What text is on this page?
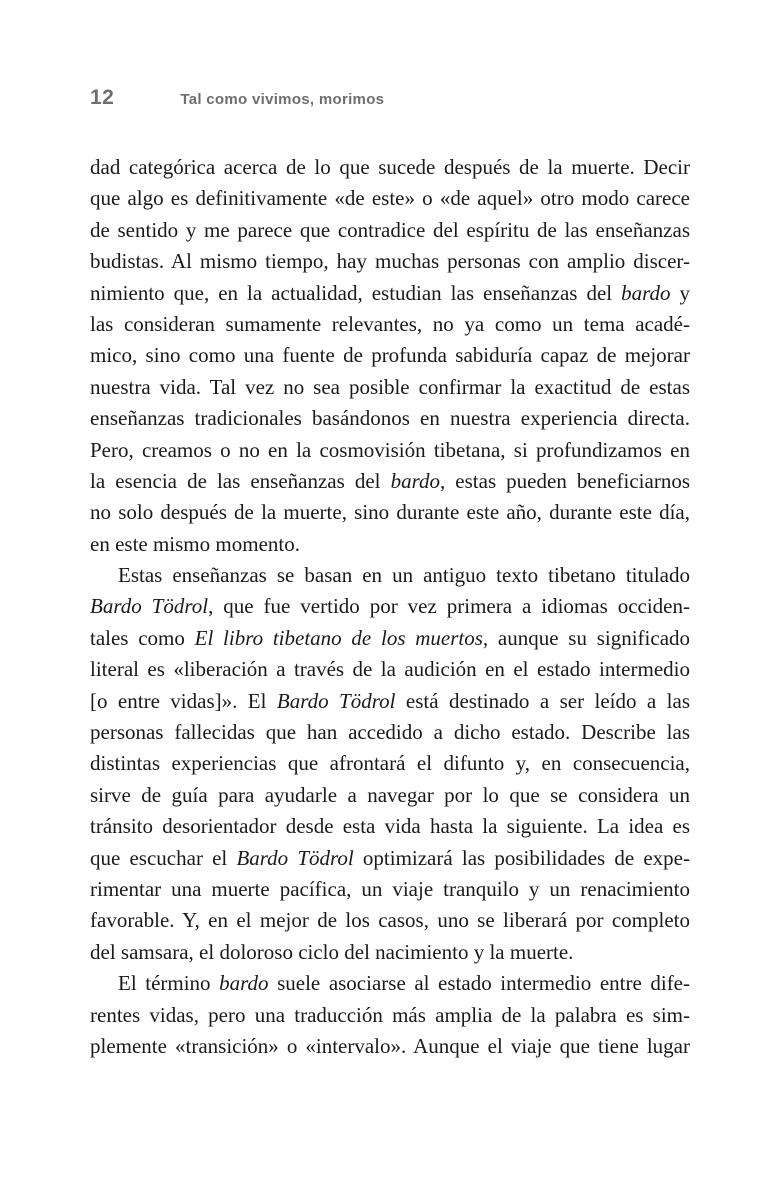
12	Tal como vivimos, morimos
dad categórica acerca de lo que sucede después de la muerte. Decir
que algo es definitivamente «de este» o «de aquel» otro modo carece
de sentido y me parece que contradice del espíritu de las enseñanzas
budistas. Al mismo tiempo, hay muchas personas con amplio discer-
nimiento que, en la actualidad, estudian las enseñanzas del bardo y
las consideran sumamente relevantes, no ya como un tema acadé-
mico, sino como una fuente de profunda sabiduría capaz de mejorar
nuestra vida. Tal vez no sea posible confirmar la exactitud de estas
enseñanzas tradicionales basándonos en nuestra experiencia directa.
Pero, creamos o no en la cosmovisión tibetana, si profundizamos en
la esencia de las enseñanzas del bardo, estas pueden beneficiarnos
no solo después de la muerte, sino durante este año, durante este día,
en este mismo momento.
Estas enseñanzas se basan en un antiguo texto tibetano titulado
Bardo Tödrol, que fue vertido por vez primera a idiomas occiden-
tales como El libro tibetano de los muertos, aunque su significado
literal es «liberación a través de la audición en el estado intermedio
[o entre vidas]». El Bardo Tödrol está destinado a ser leído a las
personas fallecidas que han accedido a dicho estado. Describe las
distintas experiencias que afrontará el difunto y, en consecuencia,
sirve de guía para ayudarle a navegar por lo que se considera un
tránsito desorientador desde esta vida hasta la siguiente. La idea es
que escuchar el Bardo Tödrol optimizará las posibilidades de expe-
rimentar una muerte pacífica, un viaje tranquilo y un renacimiento
favorable. Y, en el mejor de los casos, uno se liberará por completo
del samsara, el doloroso ciclo del nacimiento y la muerte.
El término bardo suele asociarse al estado intermedio entre dife-
rentes vidas, pero una traducción más amplia de la palabra es sim-
plemente «transición» o «intervalo». Aunque el viaje que tiene lugar
